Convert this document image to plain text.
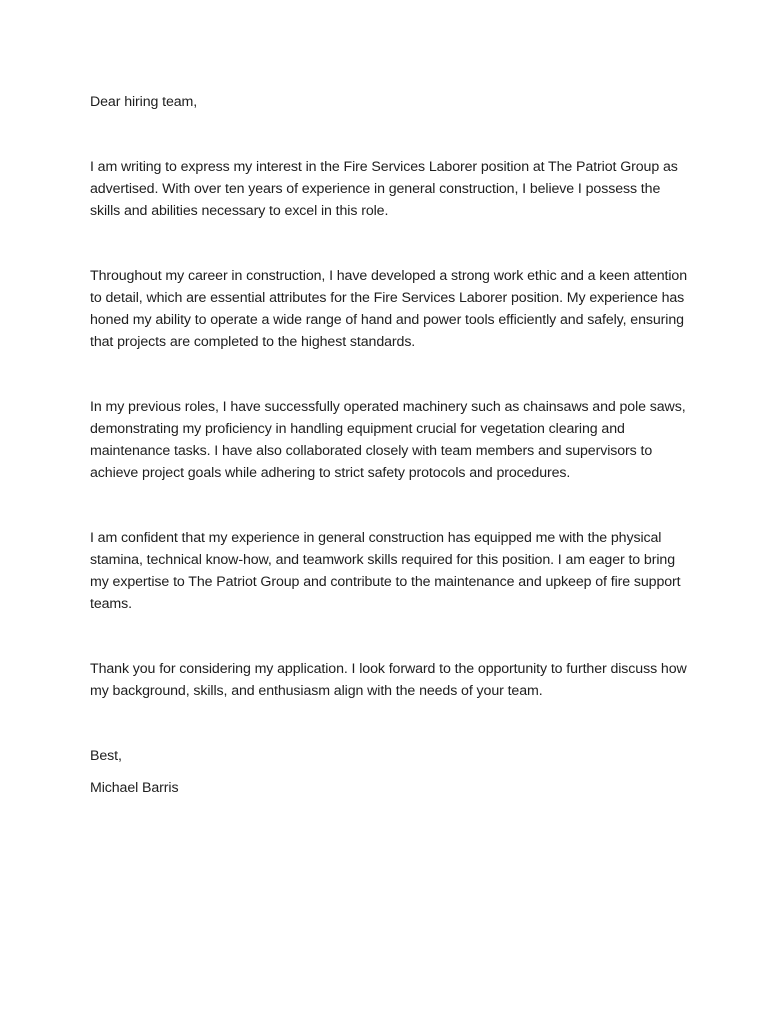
Dear hiring team,

I am writing to express my interest in the Fire Services Laborer position at The Patriot Group as advertised. With over ten years of experience in general construction, I believe I possess the skills and abilities necessary to excel in this role.

Throughout my career in construction, I have developed a strong work ethic and a keen attention to detail, which are essential attributes for the Fire Services Laborer position. My experience has honed my ability to operate a wide range of hand and power tools efficiently and safely, ensuring that projects are completed to the highest standards.

In my previous roles, I have successfully operated machinery such as chainsaws and pole saws, demonstrating my proficiency in handling equipment crucial for vegetation clearing and maintenance tasks. I have also collaborated closely with team members and supervisors to achieve project goals while adhering to strict safety protocols and procedures.

I am confident that my experience in general construction has equipped me with the physical stamina, technical know-how, and teamwork skills required for this position. I am eager to bring my expertise to The Patriot Group and contribute to the maintenance and upkeep of fire support teams.

Thank you for considering my application. I look forward to the opportunity to further discuss how my background, skills, and enthusiasm align with the needs of your team.

Best,

Michael Barris
